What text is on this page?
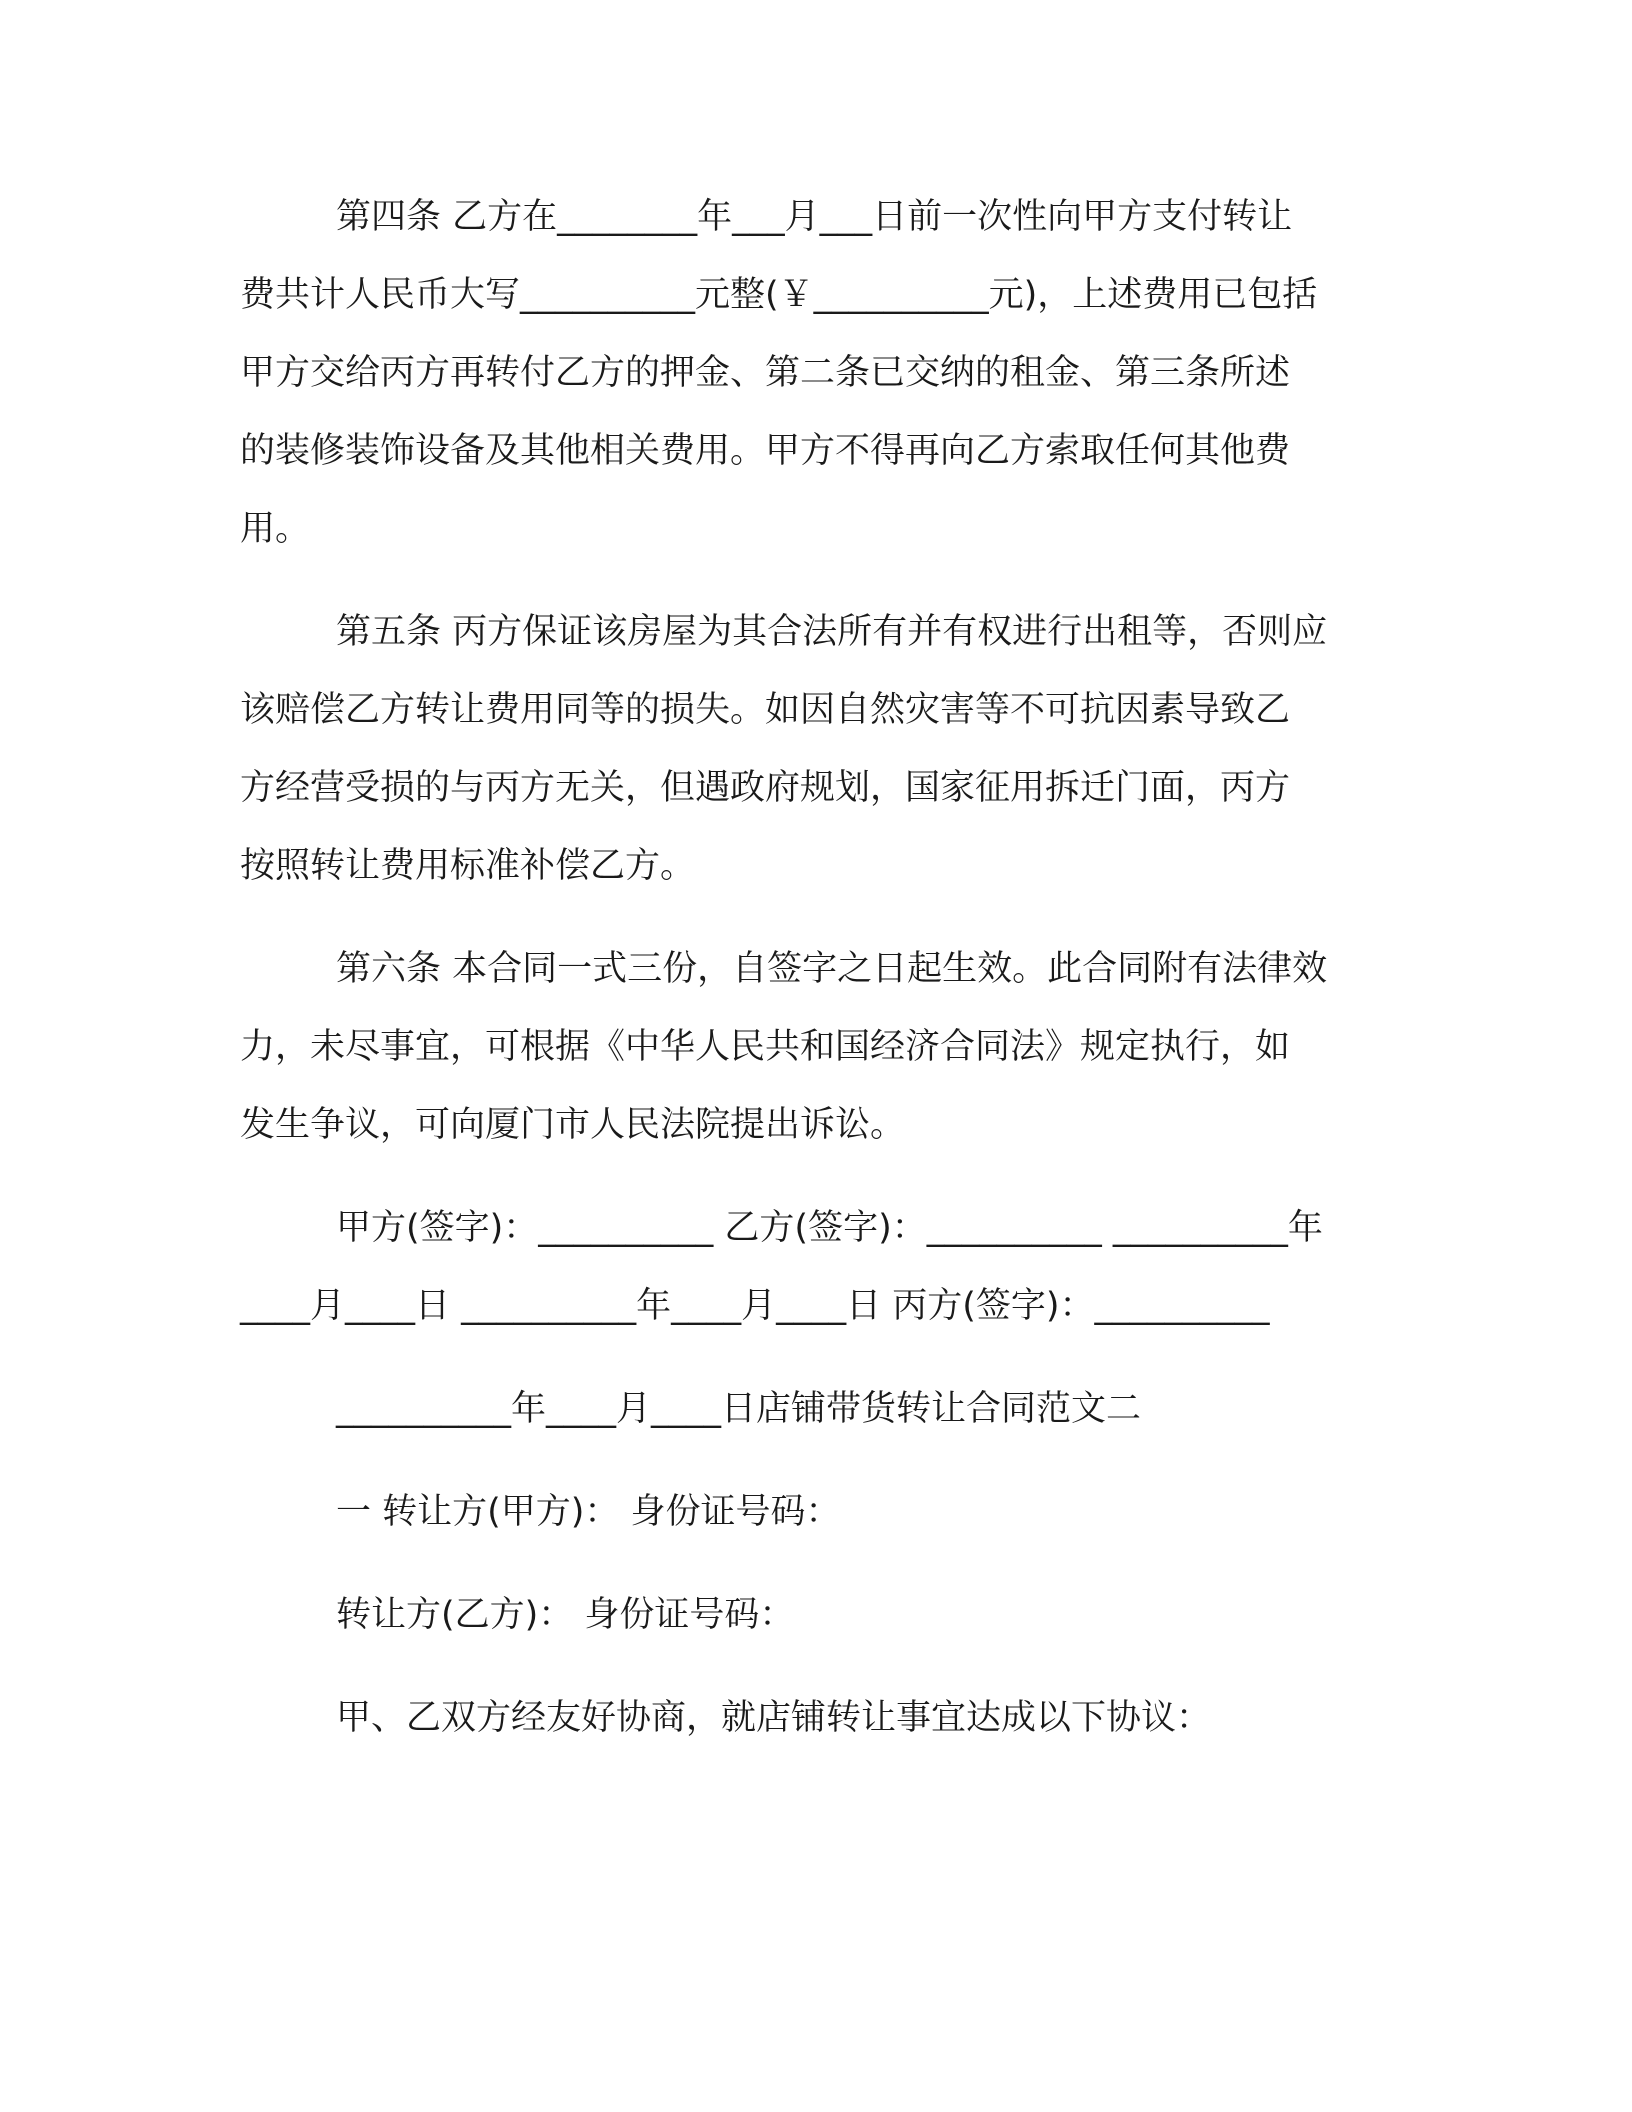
第四条 乙方在________年___月___日前一次性向甲方支付转让
费共计人民币大写__________元整(￥__________元)，上述费用已包括
甲方交给丙方再转付乙方的押金、第二条已交纳的租金、第三条所述
的装修装饰设备及其他相关费用。甲方不得再向乙方索取任何其他费
用。
第五条 丙方保证该房屋为其合法所有并有权进行出租等，否则应
该赔偿乙方转让费用同等的损失。如因自然灾害等不可抗因素导致乙
方经营受损的与丙方无关，但遇政府规划，国家征用拆迁门面，丙方
按照转让费用标准补偿乙方。
第六条 本合同一式三份，自签字之日起生效。此合同附有法律效
力，未尽事宜，可根据《中华人民共和国经济合同法》规定执行，如
发生争议，可向厦门市人民法院提出诉讼。
甲方(签字)：__________ 乙方(签字)：__________ __________年
____月____日 __________年____月____日 丙方(签字)：__________
__________年____月____日店铺带货转让合同范文二
一 转让方(甲方)： 身份证号码：
转让方(乙方)： 身份证号码：
甲、乙双方经友好协商，就店铺转让事宜达成以下协议：
